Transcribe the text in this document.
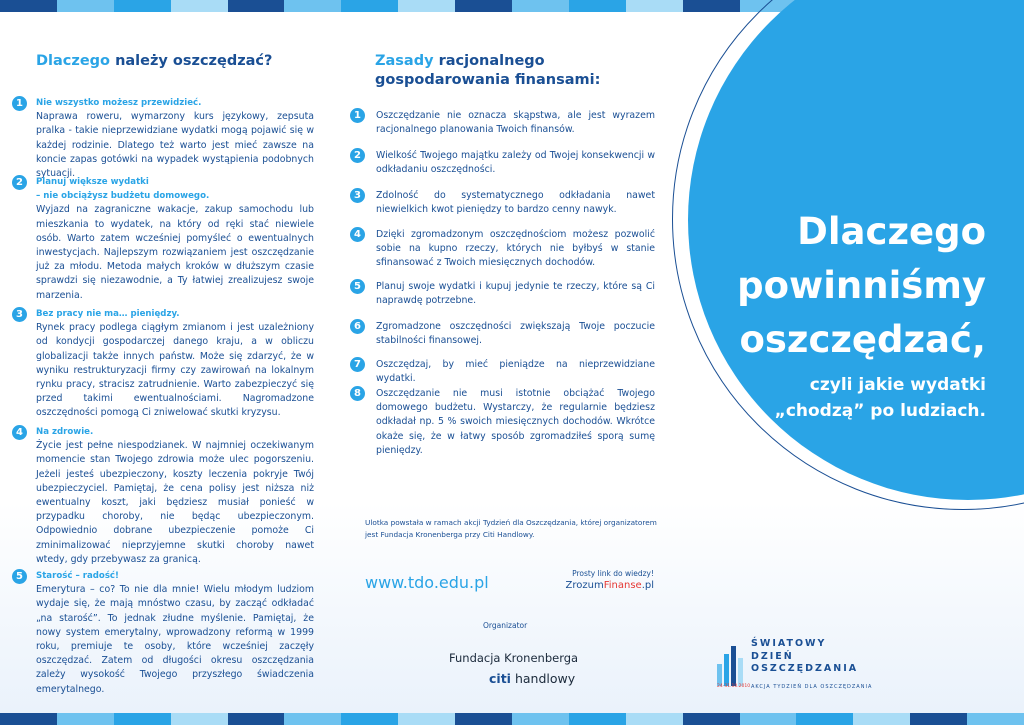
Dlaczego
powinniśmy
oszczędzać,
czyli jakie wydatki
„chodzą” po ludziach.
Dlaczego należy oszczędzać?
1	Nie wszystko możesz przewidzieć.
Naprawa roweru, wymarzony kurs językowy, zepsuta pralka - takie nieprzewidziane wydatki mogą pojawić się w każdej rodzinie. Dlatego też warto jest mieć zawsze na koncie zapas gotówki na wypadek wystąpienia podobnych sytuacji.
2	Planuj większe wydatki
– nie obciążysz budżetu domowego.
Wyjazd na zagraniczne wakacje, zakup samochodu lub mieszkania to wydatek, na który od ręki stać niewiele osób. Warto zatem wcześniej pomyśleć o ewentualnych inwestycjach. Najlepszym rozwiązaniem jest oszczędzanie już za młodu. Metoda małych kroków w dłuższym czasie sprawdzi się niezawodnie, a Ty łatwiej zrealizujesz swoje marzenia.
3	Bez pracy nie ma… pieniędzy.
Rynek pracy podlega ciągłym zmianom i jest uzależniony od kondycji gospodarczej danego kraju, a w obliczu globalizacji także innych państw. Może się zdarzyć, że w wyniku restrukturyzacji firmy czy zawirowań na lokalnym rynku pracy, stracisz zatrudnienie. Warto zabezpieczyć się przed takimi ewentualnościami. Nagromadzone oszczędności pomogą Ci zniwelować skutki kryzysu.
4	Na zdrowie.
Życie jest pełne niespodzianek. W najmniej oczekiwanym momencie stan Twojego zdrowia może ulec pogorszeniu. Jeżeli jesteś ubezpieczony, koszty leczenia pokryje Twój ubezpieczyciel. Pamiętaj, że cena polisy jest niższa niż ewentualny koszt, jaki będziesz musiał ponieść w przypadku choroby, nie będąc ubezpieczonym. Odpowiednio dobrane ubezpieczenie pomoże Ci zminimalizować nieprzyjemne skutki choroby nawet wtedy, gdy przebywasz za granicą.
5	Starość – radość!
Emerytura – co? To nie dla mnie! Wielu młodym ludziom wydaje się, że mają mnóstwo czasu, by zacząć odkładać „na starość”. To jednak złudne myślenie. Pamiętaj, że nowy system emerytalny, wprowadzony reformą w 1999 roku, premiuje te osoby, które wcześniej zaczęły oszczędzać. Zatem od długości okresu oszczędzania zależy wysokość Twojego przyszłego świadczenia emerytalnego.
Zasady racjonalnego gospodarowania finansami:
1	Oszczędzanie nie oznacza skąpstwa, ale jest wyrazem racjonalnego planowania Twoich finansów.
2	Wielkość Twojego majątku zależy od Twojej konsekwencji w odkładaniu oszczędności.
3	Zdolność do systematycznego odkładania nawet niewielkich kwot pieniędzy to bardzo cenny nawyk.
4	Dzięki zgromadzonym oszczędnościom możesz pozwolić sobie na kupno rzeczy, których nie byłbyś w stanie sfinansować z Twoich miesięcznych dochodów.
5	Planuj swoje wydatki i kupuj jedynie te rzeczy, które są Ci naprawdę potrzebne.
6	Zgromadzone oszczędności zwiększają Twoje poczucie stabilności finansowej.
7	Oszczędzaj, by mieć pieniądze na nieprzewidziane wydatki.
8	Oszczędzanie nie musi istotnie obciążać Twojego domowego budżetu. Wystarczy, że regularnie będziesz odkładał np. 5 % swoich miesięcznych dochodów. Wkrótce okaże się, że w łatwy sposób zgromadziłeś sporą sumę pieniędzy.
Ulotka powstała w ramach akcji Tydzień dla Oszczędzania, której organizatorem jest Fundacja Kronenberga przy Citi Handlowy.
www.tdo.edu.pl	Prosty link do wiedzy!
ZrozumFinanse.pl
Organizator
Fundacja Kronenberga
citi handlowy
ŚWIATOWY
DZIEŃ
OSZCZĘDZANIA
24-31.10.2010 AKCJA TYDZIEŃ DLA OSZCZĘDZANIA
